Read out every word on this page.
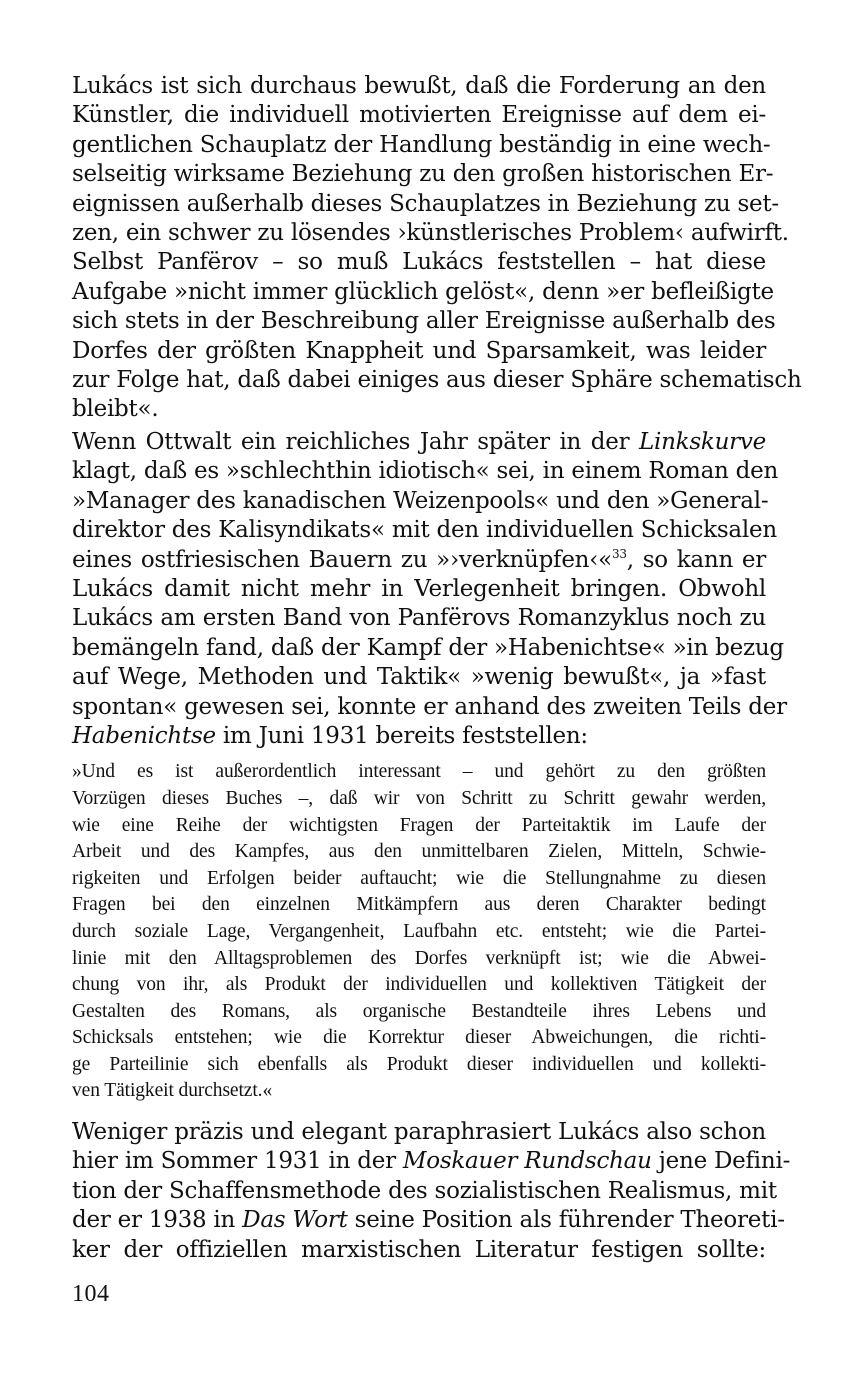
Lukács ist sich durchaus bewußt, daß die Forderung an den
Künstler, die individuell motivierten Ereignisse auf dem ei-
gentlichen Schauplatz der Handlung beständig in eine wech-
selseitig wirksame Beziehung zu den großen historischen Er-
eignissen außerhalb dieses Schauplatzes in Beziehung zu set-
zen, ein schwer zu lösendes ›künstlerisches Problem‹ aufwirft.
Selbst Panfërov – so muß Lukács feststellen – hat diese
Aufgabe »nicht immer glücklich gelöst«, denn »er befleißigte
sich stets in der Beschreibung aller Ereignisse außerhalb des
Dorfes der größten Knappheit und Sparsamkeit, was leider
zur Folge hat, daß dabei einiges aus dieser Sphäre schematisch
bleibt«.
Wenn Ottwalt ein reichliches Jahr später in der Linkskurve
klagt, daß es »schlechthin idiotisch« sei, in einem Roman den
»Manager des kanadischen Weizenpools« und den »General-
direktor des Kalisyndikats« mit den individuellen Schicksalen
eines ostfriesischen Bauern zu »›verknüpfen‹«$^{33}$, so kann er
Lukács damit nicht mehr in Verlegenheit bringen. Obwohl
Lukács am ersten Band von Panfërovs Romanzyklus noch zu
bemängeln fand, daß der Kampf der »Habenichtse« »in bezug
auf Wege, Methoden und Taktik« »wenig bewußt«, ja »fast
spontan« gewesen sei, konnte er anhand des zweiten Teils der
Habenichtse im Juni 1931 bereits feststellen:
»Und es ist außerordentlich interessant – und gehört zu den größten
Vorzügen dieses Buches –, daß wir von Schritt zu Schritt gewahr werden,
wie eine Reihe der wichtigsten Fragen der Parteitaktik im Laufe der
Arbeit und des Kampfes, aus den unmittelbaren Zielen, Mitteln, Schwie-
rigkeiten und Erfolgen beider auftaucht; wie die Stellungnahme zu diesen
Fragen bei den einzelnen Mitkämpfern aus deren Charakter bedingt
durch soziale Lage, Vergangenheit, Laufbahn etc. entsteht; wie die Partei-
linie mit den Alltagsproblemen des Dorfes verknüpft ist; wie die Abwei-
chung von ihr, als Produkt der individuellen und kollektiven Tätigkeit der
Gestalten des Romans, als organische Bestandteile ihres Lebens und
Schicksals entstehen; wie die Korrektur dieser Abweichungen, die richti-
ge Parteilinie sich ebenfalls als Produkt dieser individuellen und kollekti-
ven Tätigkeit durchsetzt.«
Weniger präzis und elegant paraphrasiert Lukács also schon
hier im Sommer 1931 in der Moskauer Rundschau jene Defini-
tion der Schaffensmethode des sozialistischen Realismus, mit
der er 1938 in Das Wort seine Position als führender Theoreti-
ker der offiziellen marxistischen Literatur festigen sollte:
104
